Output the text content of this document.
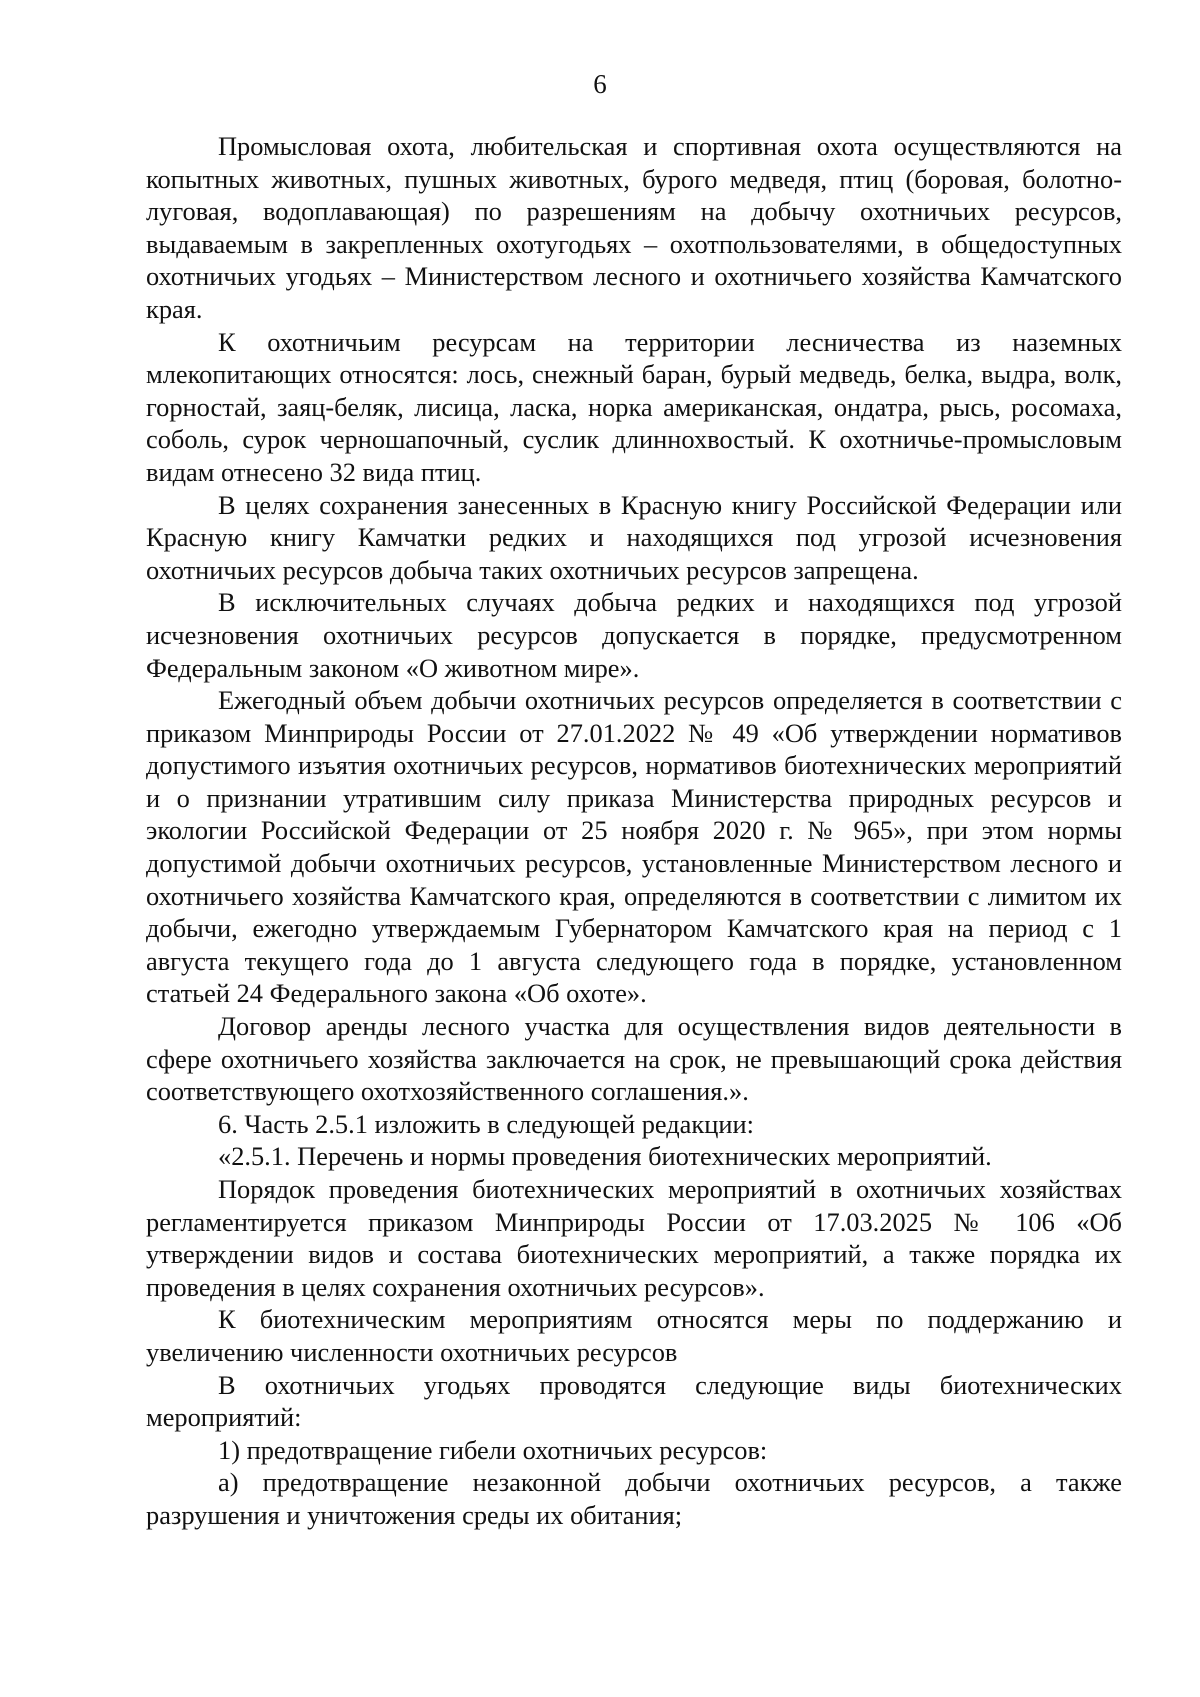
6

Промысловая охота, любительская и спортивная охота осуществляются на копытных животных, пушных животных, бурого медведя, птиц (боровая, болотно-луговая, водоплавающая) по разрешениям на добычу охотничьих ресурсов, выдаваемым в закрепленных охотугодьях – охотпользователями, в общедоступных охотничьих угодьях – Министерством лесного и охотничьего хозяйства Камчатского края.

К охотничьим ресурсам на территории лесничества из наземных млекопитающих относятся: лось, снежный баран, бурый медведь, белка, выдра, волк, горностай, заяц-беляк, лисица, ласка, норка американская, ондатра, рысь, росомаха, соболь, сурок черношапочный, суслик длиннохвостый. К охотничье-промысловым видам отнесено 32 вида птиц.

В целях сохранения занесенных в Красную книгу Российской Федерации или Красную книгу Камчатки редких и находящихся под угрозой исчезновения охотничьих ресурсов добыча таких охотничьих ресурсов запрещена.

В исключительных случаях добыча редких и находящихся под угрозой исчезновения охотничьих ресурсов допускается в порядке, предусмотренном Федеральным законом «О животном мире».

Ежегодный объем добычи охотничьих ресурсов определяется в соответствии с приказом Минприроды России от 27.01.2022 № 49 «Об утверждении нормативов допустимого изъятия охотничьих ресурсов, нормативов биотехнических мероприятий и о признании утратившим силу приказа Министерства природных ресурсов и экологии Российской Федерации от 25 ноября 2020 г. № 965», при этом нормы допустимой добычи охотничьих ресурсов, установленные Министерством лесного и охотничьего хозяйства Камчатского края, определяются в соответствии с лимитом их добычи, ежегодно утверждаемым Губернатором Камчатского края на период с 1 августа текущего года до 1 августа следующего года в порядке, установленном статьей 24 Федерального закона «Об охоте».

Договор аренды лесного участка для осуществления видов деятельности в сфере охотничьего хозяйства заключается на срок, не превышающий срока действия соответствующего охотхозяйственного соглашения.».

6. Часть 2.5.1 изложить в следующей редакции:

«2.5.1. Перечень и нормы проведения биотехнических мероприятий.

Порядок проведения биотехнических мероприятий в охотничьих хозяйствах регламентируется приказом Минприроды России от 17.03.2025 № 106 «Об утверждении видов и состава биотехнических мероприятий, а также порядка их проведения в целях сохранения охотничьих ресурсов».

К биотехническим мероприятиям относятся меры по поддержанию и увеличению численности охотничьих ресурсов

В охотничьих угодьях проводятся следующие виды биотехнических мероприятий:

1) предотвращение гибели охотничьих ресурсов:

а) предотвращение незаконной добычи охотничьих ресурсов, а также разрушения и уничтожения среды их обитания;
